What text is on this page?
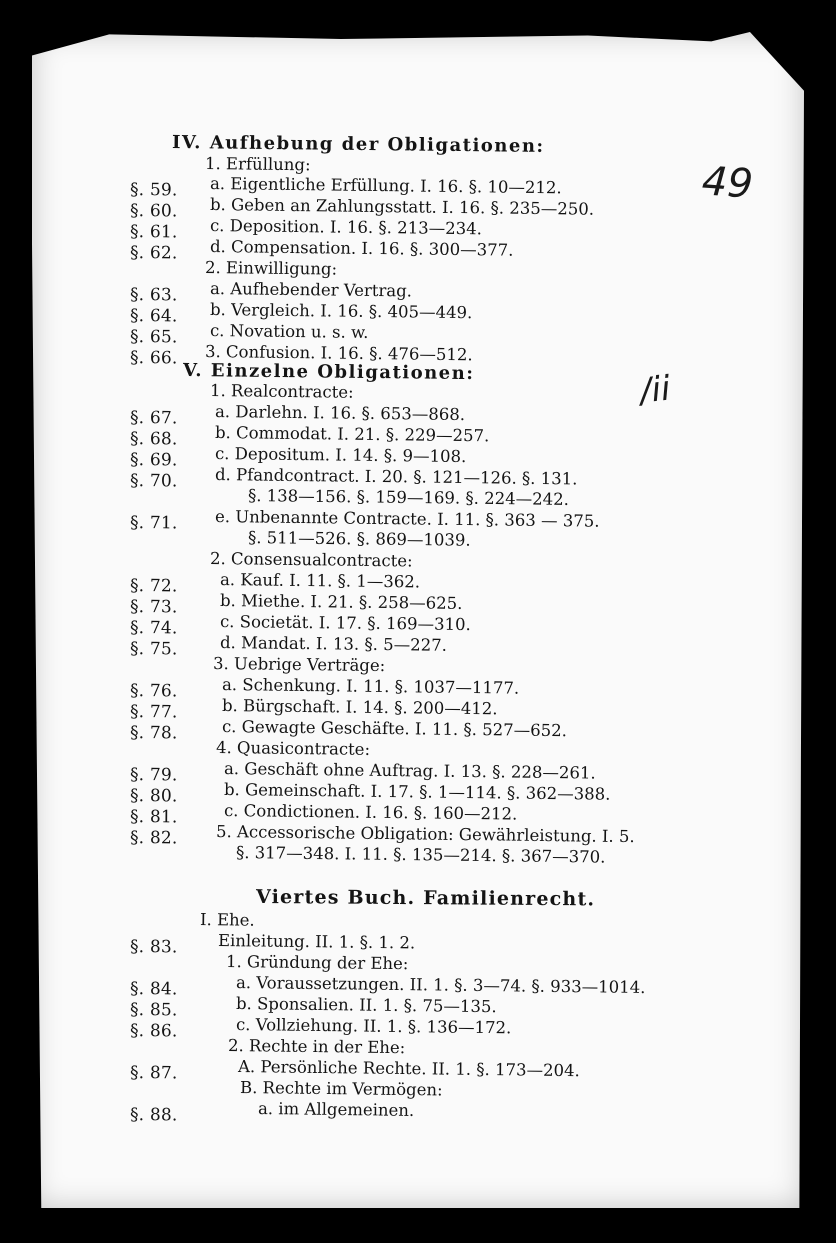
IV. Aufhebung der Obligationen:
1. Erfüllung:
§. 59. a. Eigentliche Erfüllung. I. 16. §. 10—212.
§. 60. b. Geben an Zahlungsstatt. I. 16. §. 235—250.
§. 61. c. Deposition. I. 16. §. 213—234.
§. 62. d. Compensation. I. 16. §. 300—377.
2. Einwilligung:
§. 63. a. Aufhebender Vertrag.
§. 64. b. Vergleich. I. 16. §. 405—449.
§. 65. c. Novation u. s. w.
§. 66. 3. Confusion. I. 16. §. 476—512.
V. Einzelne Obligationen:
1. Realcontracte:
§. 67. a. Darlehn. I. 16. §. 653—868.
§. 68. b. Commodat. I. 21. §. 229—257.
§. 69. c. Depositum. I. 14. §. 9—108.
§. 70. d. Pfandcontract. I. 20. §. 121—126. §. 131.
§. 138—156. §. 159—169. §. 224—242.
§. 71. e. Unbenannte Contracte. I. 11. §. 363 — 375.
§. 511—526. §. 869—1039.
2. Consensualcontracte:
§. 72.	a. Kauf. I. 11. §. 1—362.
§. 73.	b. Miethe. I. 21. §. 258—625.
§. 74.	c. Societät. I. 17. §. 169—310.
§. 75.	d. Mandat. I. 13. §. 5—227.
3. Uebrige Verträge:
§. 76.	a. Schenkung. I. 11. §. 1037—1177.
§. 77.	b. Bürgschaft. I. 14. §. 200—412.
§. 78.	c. Gewagte Geschäfte. I. 11. §. 527—652.
4. Quasicontracte:
§. 79.	a. Geschäft ohne Auftrag. I. 13. §. 228—261.
§. 80.	b. Gemeinschaft. I. 17. §. 1—114. §. 362—388.
§. 81.	c. Condictionen. I. 16. §. 160—212.
§. 82. 5. Accessorische Obligation: Gewährleistung. I. 5.
§. 317—348. I. 11. §. 135—214. §. 367—370.
Viertes Buch. Familienrecht.
I. Ehe.
§. 83. Einleitung. II. 1. §. 1. 2.
1. Gründung der Ehe:
§. 84.	a. Voraussetzungen. II. 1. §. 3—74. §. 933—1014.
§. 85.	b. Sponsalien. II. 1. §. 75—135.
§. 86.	c. Vollziehung. II. 1. §. 136—172.
2. Rechte in der Ehe:
§. 87.	A. Persönliche Rechte. II. 1. §. 173—204.
B. Rechte im Vermögen:
§. 88.	a. im Allgemeinen.
49
/ii
